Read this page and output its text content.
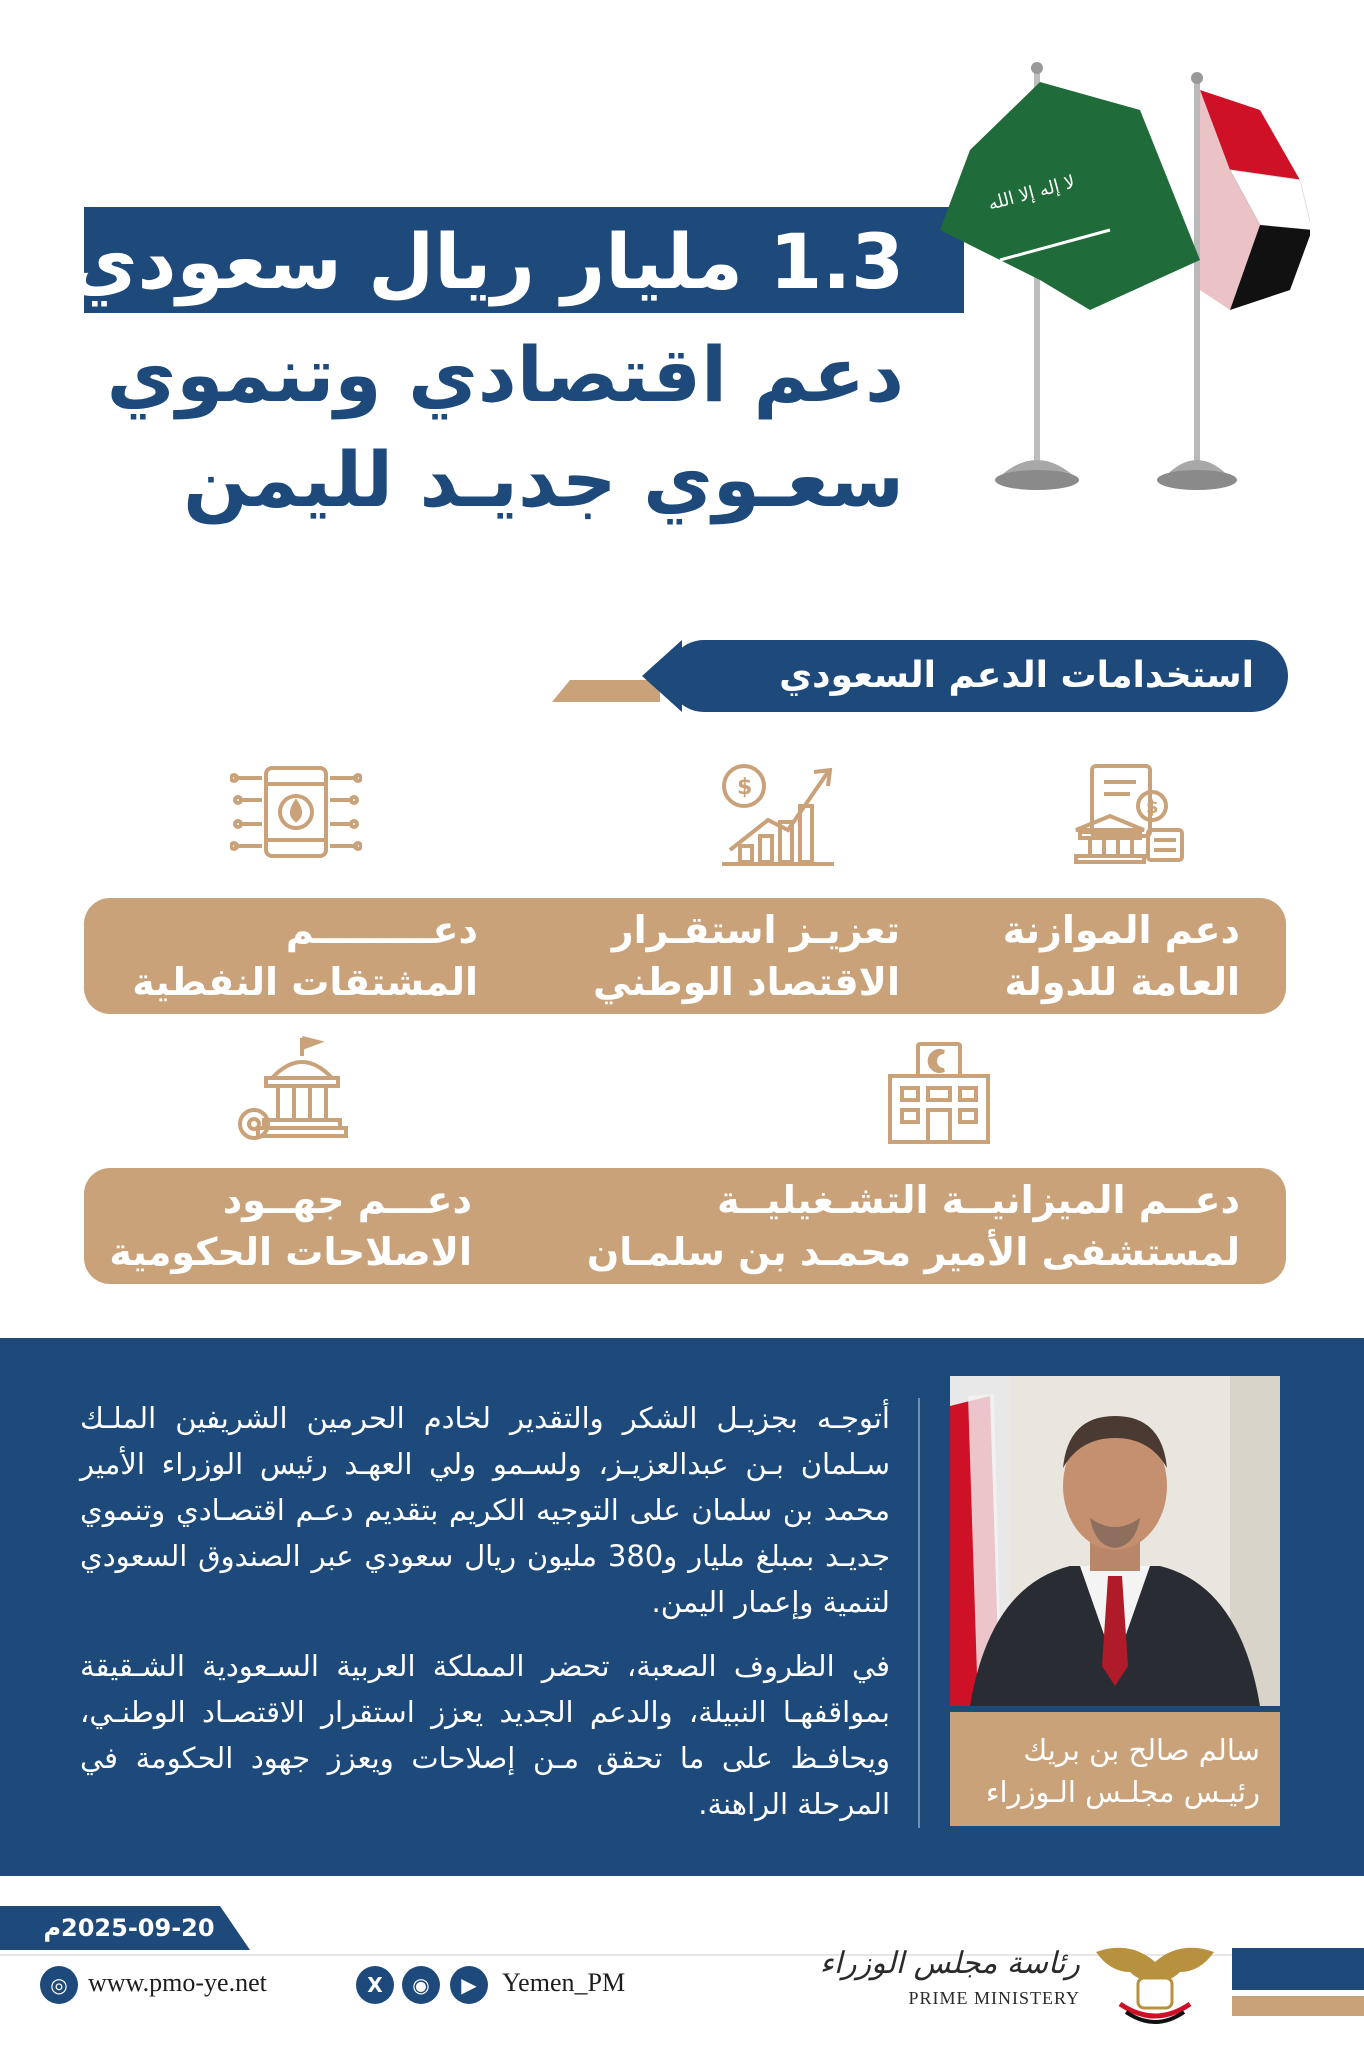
1.3 مليار ريال سعودي
دعم اقتصادي وتنموي
سعـوي جديـد لليمن
لا إله إلا الله
استخدامات الدعم السعودي
$
$
دعم الموازنة
العامة للدولة
تعزيـز استقـرار
الاقتصاد الوطني
دعـــــــــم
المشتقات النفطية
دعــم الميزانيــة التشـغيليــة
لمستشفى الأمير محمـد بن سلمـان
دعـــم جهــود
الاصلاحات الحكومية

أتوجـه بجزيـل الشكر والتقدير لخادم الحرمين الشريفين الملـك سـلمان بـن عبدالعزيـز، ولسـمو ولي العهـد رئيس الوزراء الأمير محمد بن سلمان على التوجيه الكريم بتقديم دعـم اقتصـادي وتنموي جديـد بمبلغ مليار و380 مليون ريال سعودي عبر الصندوق السعودي لتنمية وإعمار اليمن.

في الظروف الصعبة، تحضر المملكة العربية السـعودية الشـقيقة بمواقفهـا النبيلة، والدعم الجديد يعزز استقرار الاقتصـاد الوطنـي، ويحافـظ على ما تحقق مـن إصلاحات ويعزز جهود الحكومة في المرحلة الراهنة.

سالم صالح بن بريك
رئيـس مجلـس الـوزراء
2025-09-20م
◎ www.pmo-ye.net	X	◉	▶ Yemen_PM
رئاسة مجلس الوزراء
PRIME MINISTERY
